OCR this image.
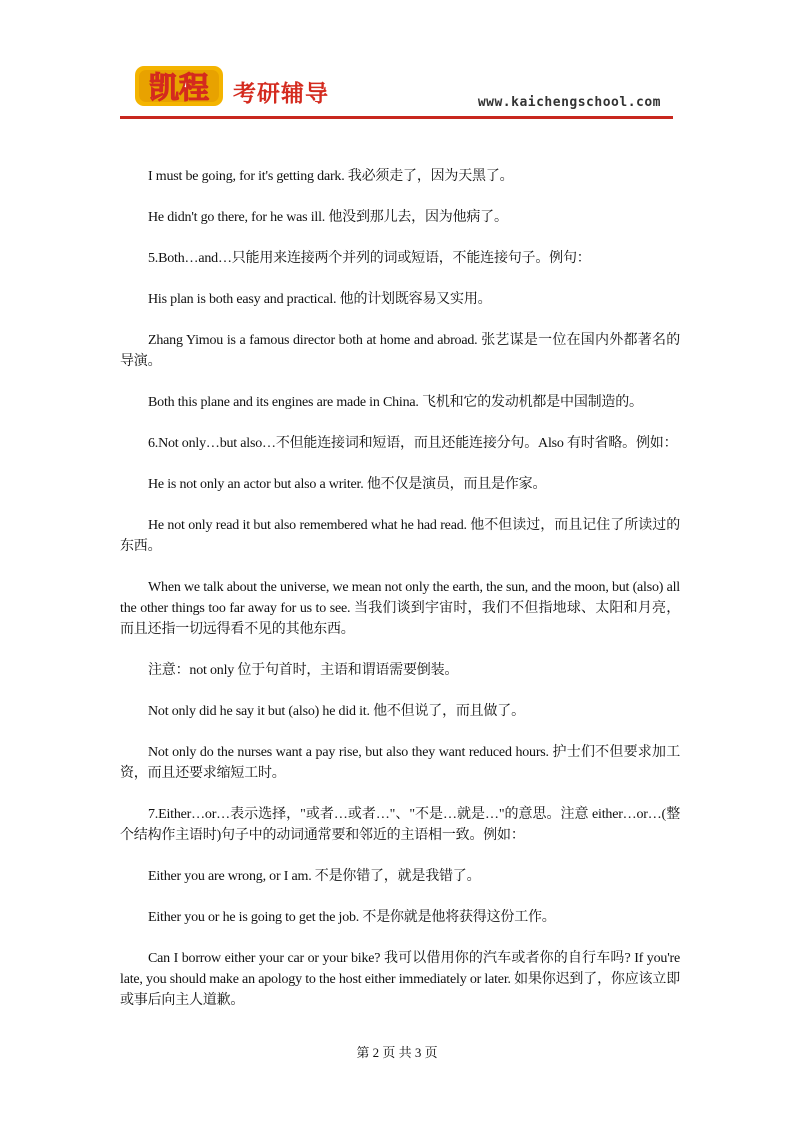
凯程 考研辅导	www.kaichengschool.com

I must be going, for it's getting dark. 我必须走了，因为天黑了。

He didn't go there, for he was ill. 他没到那儿去，因为他病了。

5.Both…and…只能用来连接两个并列的词或短语，不能连接句子。例句：

His plan is both easy and practical. 他的计划既容易又实用。

Zhang Yimou is a famous director both at home and abroad. 张艺谋是一位在国内外都著名的导演。

Both this plane and its engines are made in China. 飞机和它的发动机都是中国制造的。

6.Not only…but also…不但能连接词和短语，而且还能连接分句。Also 有时省略。例如：

He is not only an actor but also a writer. 他不仅是演员，而且是作家。

He not only read it but also remembered what he had read. 他不但读过，而且记住了所读过的东西。

When we talk about the universe, we mean not only the earth, the sun, and the moon, but (also) all the other things too far away for us to see. 当我们谈到宇宙时，我们不但指地球、太阳和月亮，而且还指一切远得看不见的其他东西。

注意：not only 位于句首时，主语和谓语需要倒装。

Not only did he say it but (also) he did it. 他不但说了，而且做了。

Not only do the nurses want a pay rise, but also they want reduced hours. 护士们不但要求加工资，而且还要求缩短工时。

7.Either…or…表示选择，"或者…或者…"、"不是…就是…"的意思。注意 either…or…(整个结构作主语时)句子中的动词通常要和邻近的主语相一致。例如：

Either you are wrong, or I am. 不是你错了，就是我错了。

Either you or he is going to get the job. 不是你就是他将获得这份工作。

Can I borrow either your car or your bike? 我可以借用你的汽车或者你的自行车吗? If you're late, you should make an apology to the host either immediately or later. 如果你迟到了，你应该立即或事后向主人道歉。

第 2 页 共 3 页
